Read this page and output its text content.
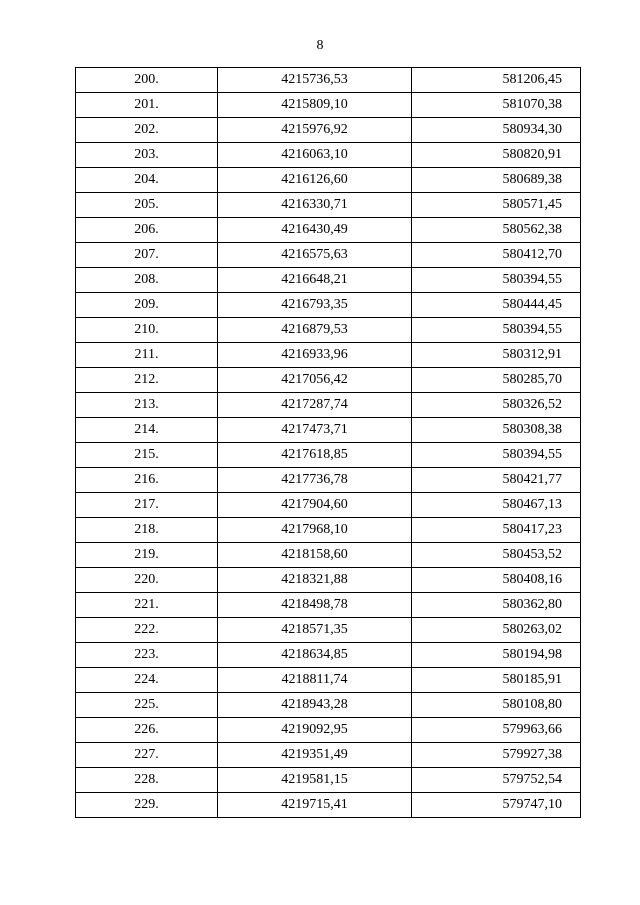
8
200.	4215736,53	581206,45
201.	4215809,10	581070,38
202.	4215976,92	580934,30
203.	4216063,10	580820,91
204.	4216126,60	580689,38
205.	4216330,71	580571,45
206.	4216430,49	580562,38
207.	4216575,63	580412,70
208.	4216648,21	580394,55
209.	4216793,35	580444,45
210.	4216879,53	580394,55
211.	4216933,96	580312,91
212.	4217056,42	580285,70
213.	4217287,74	580326,52
214.	4217473,71	580308,38
215.	4217618,85	580394,55
216.	4217736,78	580421,77
217.	4217904,60	580467,13
218.	4217968,10	580417,23
219.	4218158,60	580453,52
220.	4218321,88	580408,16
221.	4218498,78	580362,80
222.	4218571,35	580263,02
223.	4218634,85	580194,98
224.	4218811,74	580185,91
225.	4218943,28	580108,80
226.	4219092,95	579963,66
227.	4219351,49	579927,38
228.	4219581,15	579752,54
229.	4219715,41	579747,10
